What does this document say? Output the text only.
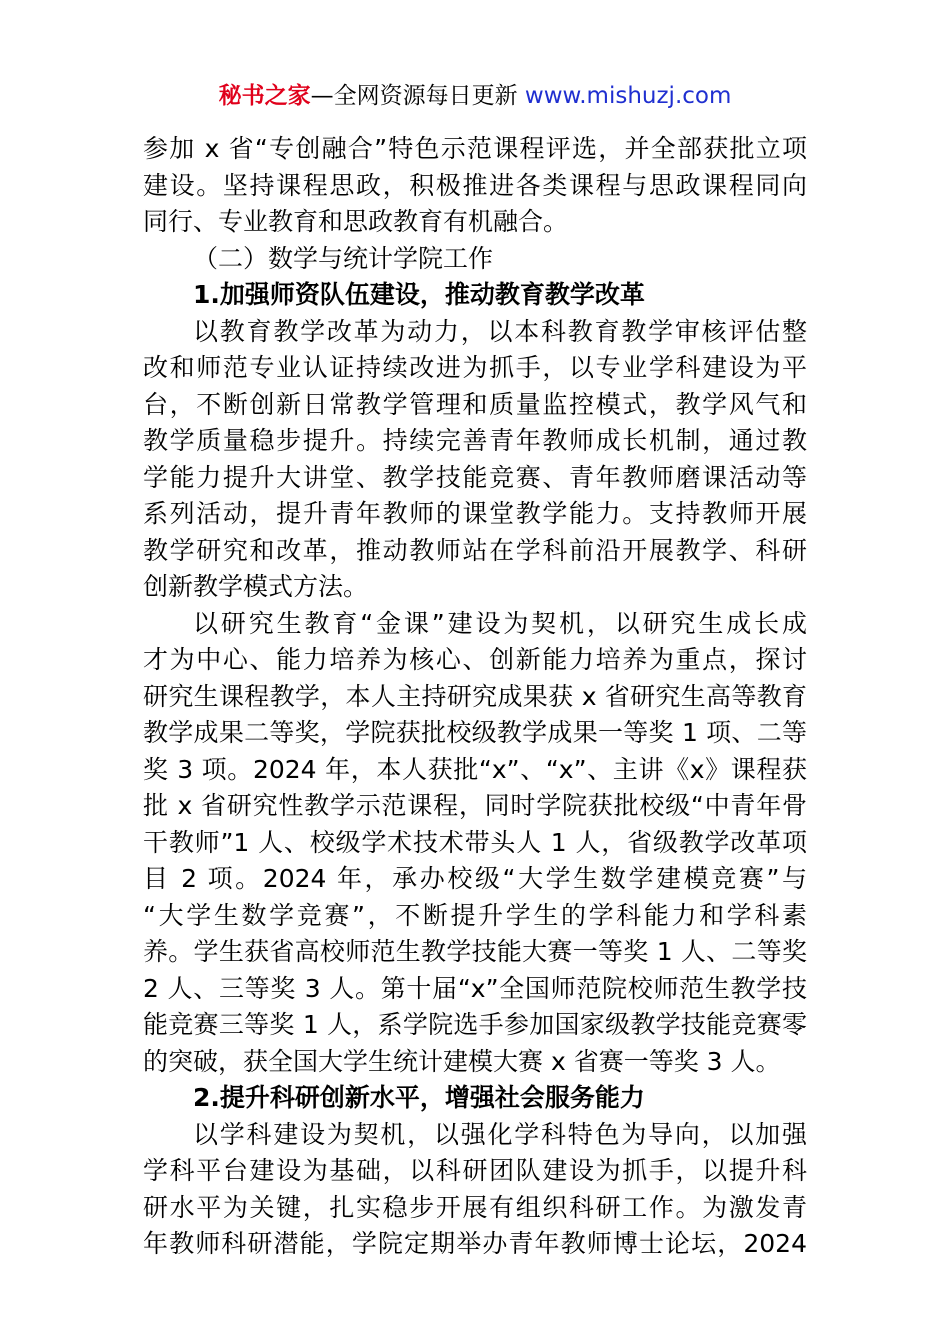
秘书之家—全网资源每日更新 www.mishuzj.com
参加 x 省“专创融合”特色示范课程评选，并全部获批立项
建设。坚持课程思政，积极推进各类课程与思政课程同向
同行、专业教育和思政教育有机融合。
（二）数学与统计学院工作
1.加强师资队伍建设，推动教育教学改革
以教育教学改革为动力，以本科教育教学审核评估整
改和师范专业认证持续改进为抓手，以专业学科建设为平
台，不断创新日常教学管理和质量监控模式，教学风气和
教学质量稳步提升。持续完善青年教师成长机制，通过教
学能力提升大讲堂、教学技能竞赛、青年教师磨课活动等
系列活动，提升青年教师的课堂教学能力。支持教师开展
教学研究和改革，推动教师站在学科前沿开展教学、科研
创新教学模式方法。
以研究生教育“金课”建设为契机，以研究生成长成
才为中心、能力培养为核心、创新能力培养为重点，探讨
研究生课程教学，本人主持研究成果获 x 省研究生高等教育
教学成果二等奖，学院获批校级教学成果一等奖 1 项、二等
奖 3 项。2024 年，本人获批“x”、“x”、主讲《x》课程获
批 x 省研究性教学示范课程，同时学院获批校级“中青年骨
干教师”1 人、校级学术技术带头人 1 人，省级教学改革项
目 2 项。2024 年，承办校级“大学生数学建模竞赛”与
“大学生数学竞赛”，不断提升学生的学科能力和学科素
养。学生获省高校师范生教学技能大赛一等奖 1 人、二等奖
2 人、三等奖 3 人。第十届“x”全国师范院校师范生教学技
能竞赛三等奖 1 人，系学院选手参加国家级教学技能竞赛零
的突破，获全国大学生统计建模大赛 x 省赛一等奖 3 人。
2.提升科研创新水平，增强社会服务能力
以学科建设为契机，以强化学科特色为导向，以加强
学科平台建设为基础，以科研团队建设为抓手，以提升科
研水平为关键，扎实稳步开展有组织科研工作。为激发青
年教师科研潜能，学院定期举办青年教师博士论坛，2024
